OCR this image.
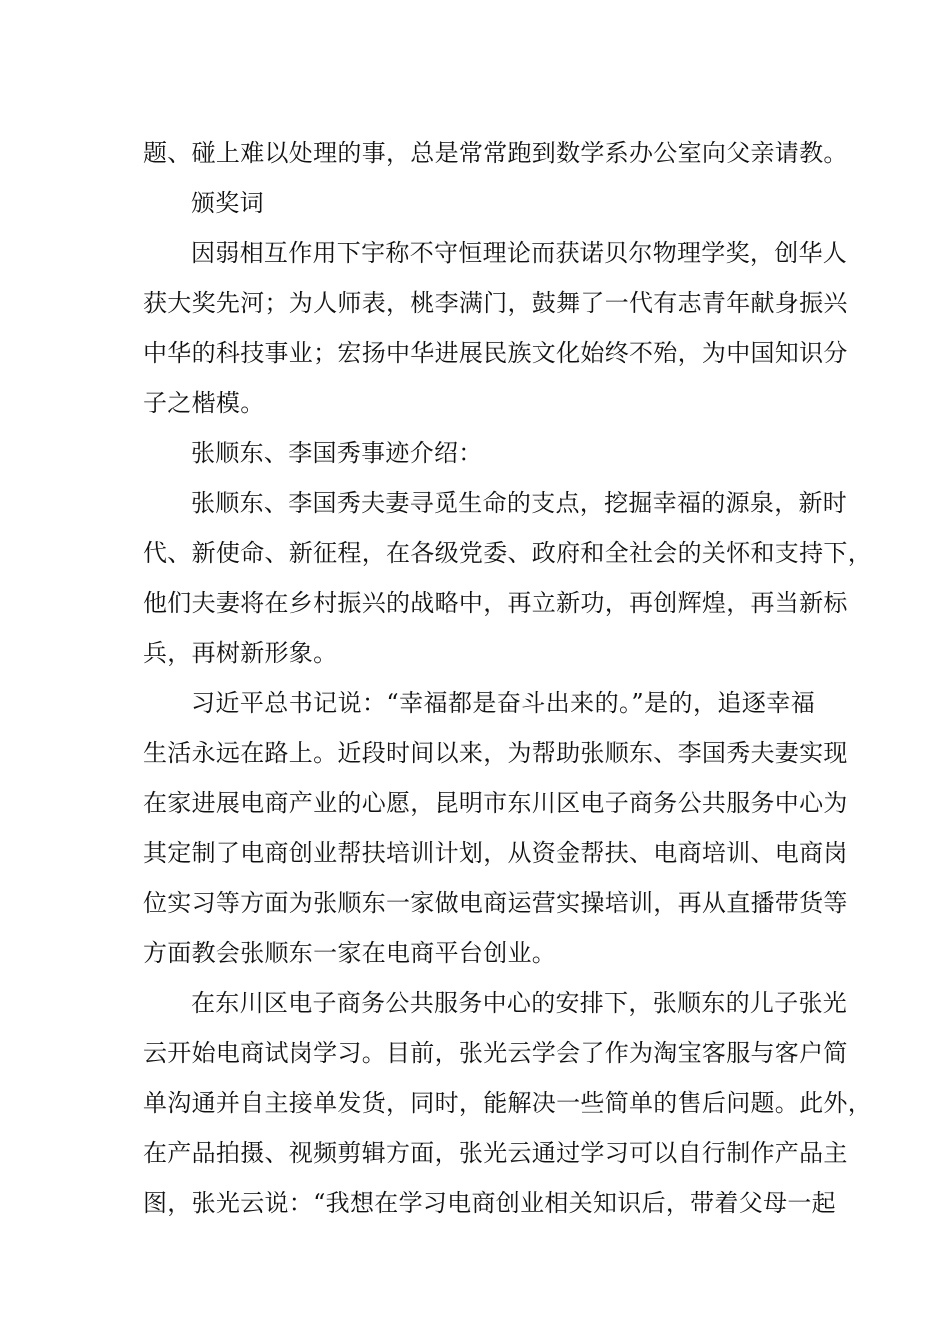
题、碰上难以处理的事，总是常常跑到数学系办公室向父亲请教。
颁奖词
因弱相互作用下宇称不守恒理论而获诺贝尔物理学奖，创华人
获大奖先河；为人师表，桃李满门，鼓舞了一代有志青年献身振兴
中华的科技事业；宏扬中华进展民族文化始终不殆，为中国知识分
子之楷模。
张顺东、李国秀事迹介绍：
张顺东、李国秀夫妻寻觅生命的支点，挖掘幸福的源泉，新时
代、新使命、新征程，在各级党委、政府和全社会的关怀和支持下，
他们夫妻将在乡村振兴的战略中，再立新功，再创辉煌，再当新标
兵，再树新形象。
习近平总书记说：“幸福都是奋斗出来的。”是的，追逐幸福
生活永远在路上。近段时间以来，为帮助张顺东、李国秀夫妻实现
在家进展电商产业的心愿，昆明市东川区电子商务公共服务中心为
其定制了电商创业帮扶培训计划，从资金帮扶、电商培训、电商岗
位实习等方面为张顺东一家做电商运营实操培训，再从直播带货等
方面教会张顺东一家在电商平台创业。
在东川区电子商务公共服务中心的安排下，张顺东的儿子张光
云开始电商试岗学习。目前，张光云学会了作为淘宝客服与客户简
单沟通并自主接单发货，同时，能解决一些简单的售后问题。此外，
在产品拍摄、视频剪辑方面，张光云通过学习可以自行制作产品主
图，张光云说：“我想在学习电商创业相关知识后，带着父母一起
